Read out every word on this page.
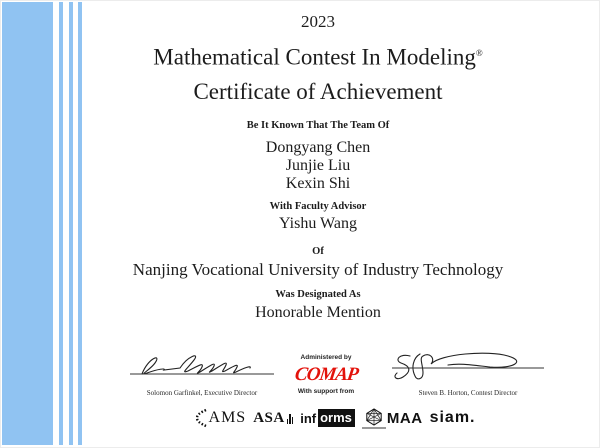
2023
Mathematical Contest In Modeling®
Certificate of Achievement
Be It Known That The Team Of
Dongyang Chen
Junjie Liu
Kexin Shi
With Faculty Advisor
Yishu Wang
Of
Nanjing Vocational University of Industry Technology
Was Designated As
Honorable Mention
Solomon Garfinkel, Executive Director
Administered by
COMAP
With support from	Steven B. Horton, Contest Director
AMS ASA inf orms MAA siam.
